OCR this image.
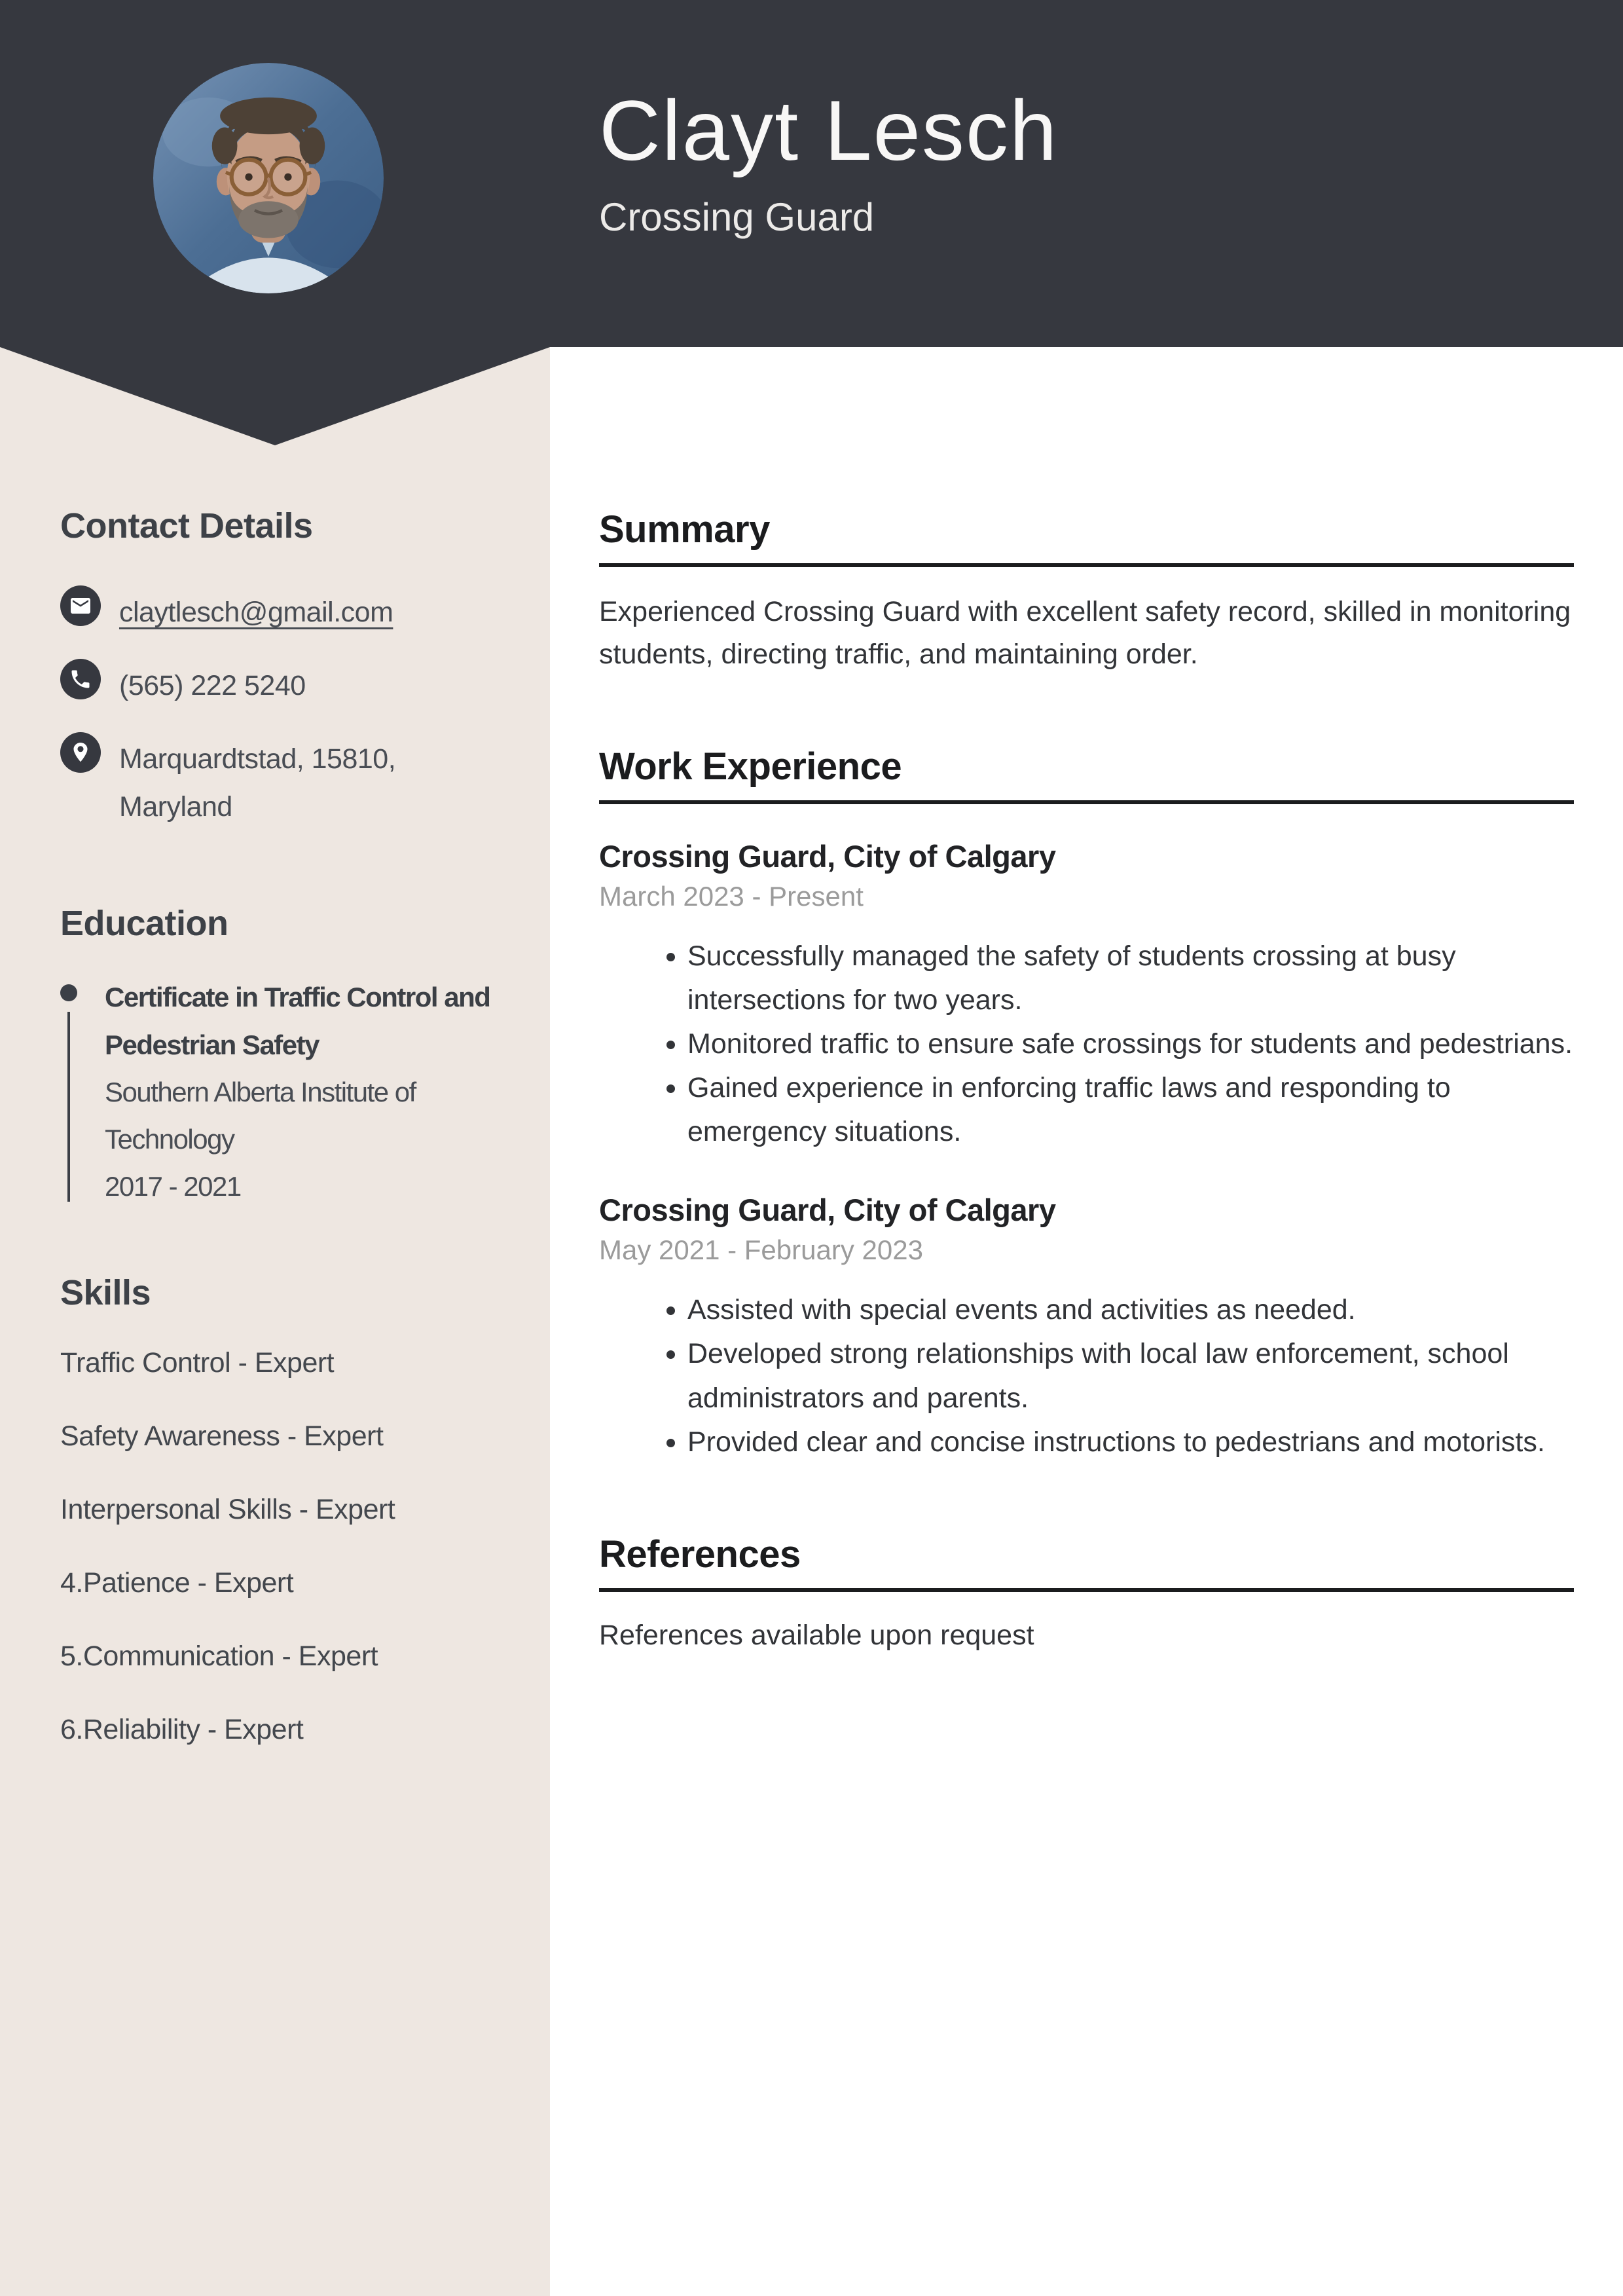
Clayt Lesch
Crossing Guard
Contact Details
claytlesch@gmail.com
(565) 222 5240
Marquardtstad, 15810, Maryland
Education
Certificate in Traffic Control and Pedestrian Safety
Southern Alberta Institute of Technology
2017 - 2021
Skills
Traffic Control - Expert
Safety Awareness - Expert
Interpersonal Skills - Expert
4.Patience - Expert
5.Communication - Expert
6.Reliability - Expert
Summary

Experienced Crossing Guard with excellent safety record, skilled in monitoring students, directing traffic, and maintaining order.

Work Experience
Crossing Guard, City of Calgary
March 2023 - Present
• Successfully managed the safety of students crossing at busy intersections for two years.
• Monitored traffic to ensure safe crossings for students and pedestrians.
• Gained experience in enforcing traffic laws and responding to emergency situations.
Crossing Guard, City of Calgary
May 2021 - February 2023
• Assisted with special events and activities as needed.
• Developed strong relationships with local law enforcement, school administrators and parents.
• Provided clear and concise instructions to pedestrians and motorists.
References

References available upon request
